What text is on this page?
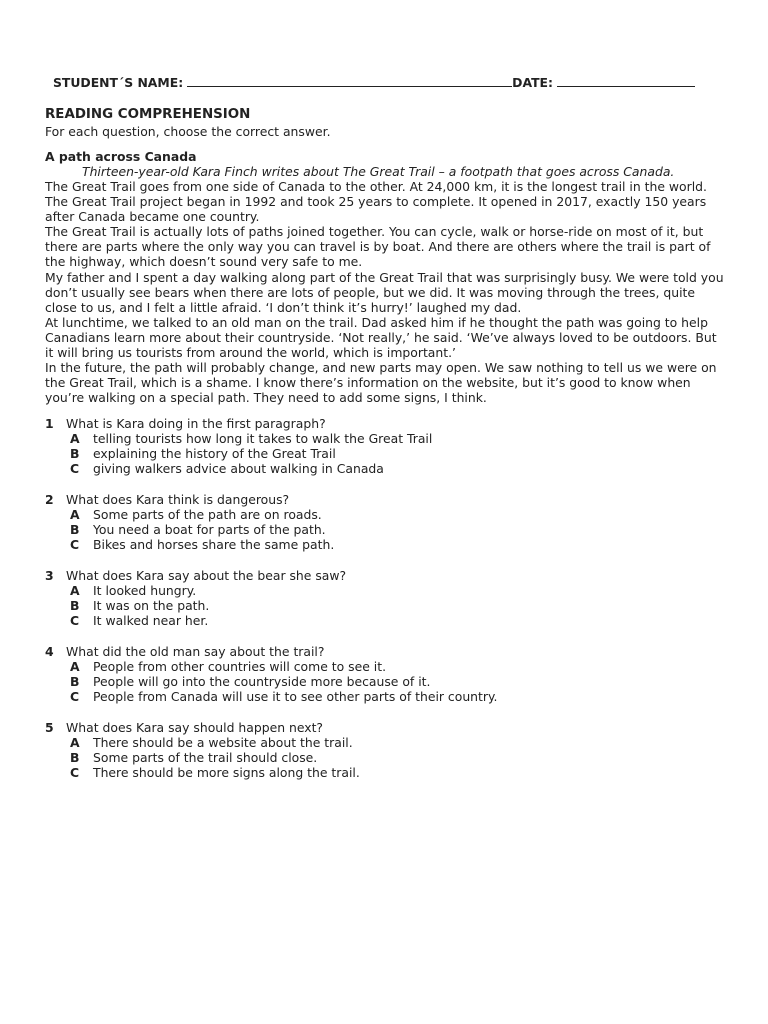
STUDENT´S NAME:	DATE:
READING COMPREHENSION
For each question, choose the correct answer.
A path across Canada
Thirteen-year-old Kara Finch writes about The Great Trail – a footpath that goes across Canada.

The Great Trail goes from one side of Canada to the other. At 24,000 km, it is the longest trail in the world. The Great Trail project began in 1992 and took 25 years to complete. It opened in 2017, exactly 150 years after Canada became one country.

The Great Trail is actually lots of paths joined together. You can cycle, walk or horse-ride on most of it, but there are parts where the only way you can travel is by boat. And there are others where the trail is part of the highway, which doesn’t sound very safe to me.

My father and I spent a day walking along part of the Great Trail that was surprisingly busy. We were told you don’t usually see bears when there are lots of people, but we did. It was moving through the trees, quite close to us, and I felt a little afraid. ‘I don’t think it’s hurry!’ laughed my dad.

At lunchtime, we talked to an old man on the trail. Dad asked him if he thought the path was going to help Canadians learn more about their countryside. ‘Not really,’ he said. ‘We’ve always loved to be outdoors. But it will bring us tourists from around the world, which is important.’

In the future, the path will probably change, and new parts may open. We saw nothing to tell us we were on the Great Trail, which is a shame. I know there’s information on the website, but it’s good to know when you’re walking on a special path. They need to add some signs, I think.

1 What is Kara doing in the first paragraph?
A	telling tourists how long it takes to walk the Great Trail
B	explaining the history of the Great Trail
C	giving walkers advice about walking in Canada
2 What does Kara think is dangerous?
A	Some parts of the path are on roads.
B	You need a boat for parts of the path.
C	Bikes and horses share the same path.
3 What does Kara say about the bear she saw?
A	It looked hungry.
B	It was on the path.
C	It walked near her.
4 What did the old man say about the trail?
A	People from other countries will come to see it.
B	People will go into the countryside more because of it.
C	People from Canada will use it to see other parts of their country.
5 What does Kara say should happen next?
A	There should be a website about the trail.
B	Some parts of the trail should close.
C	There should be more signs along the trail.
